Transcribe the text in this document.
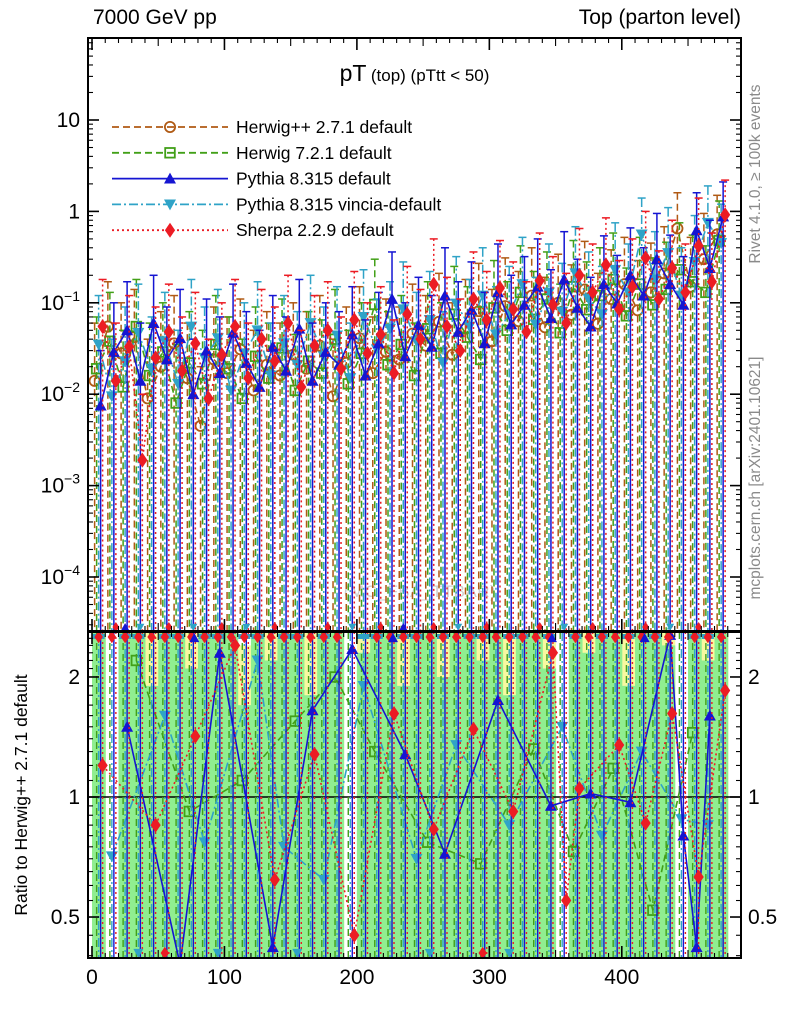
(MC_FBA_TTBAR)
10
1
$10^{-1}$
$10^{-2}$
$10^{-3}$
$10^{-4}$
0	100	200	300	400
2	2
1	1
0.5	0.5
Rivet 4.1.0, ≥ 100k events
mcplots.cern.ch [arXiv:2401.10621]
Ratio to Herwig++ 2.7.1 default
Herwig++ 2.7.1 default
Herwig 7.2.1 default
Pythia 8.315 default
Pythia 8.315 vincia-default
Sherpa 2.2.9 default
7000 GeV pp	Top (parton level)
pT (top) (pTtt < 50)
